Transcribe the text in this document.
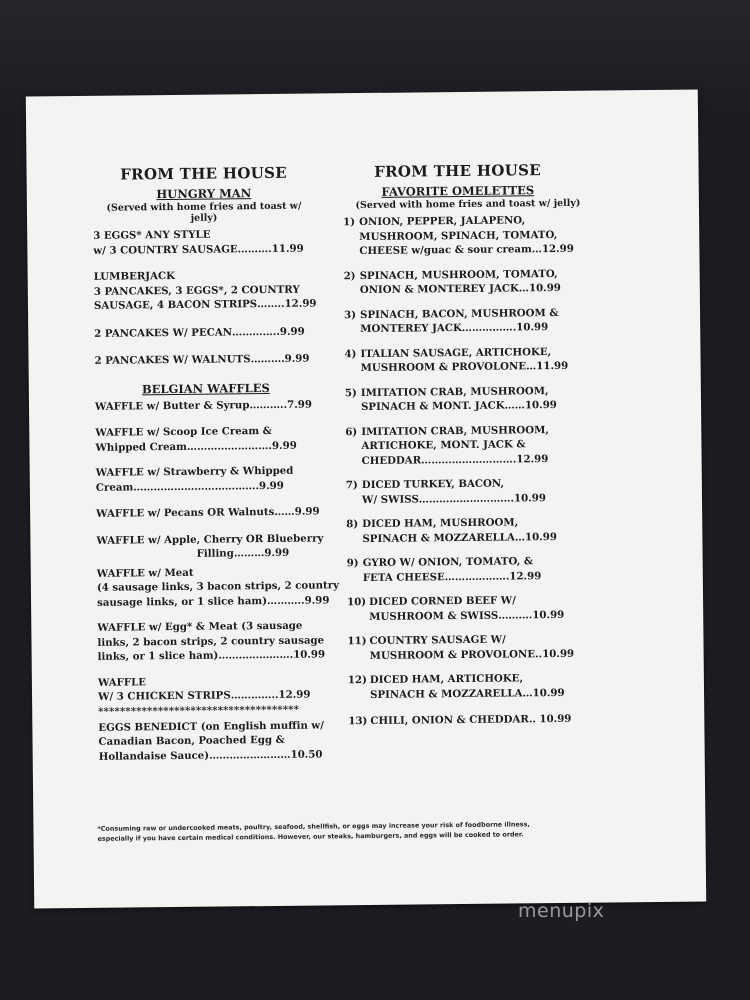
FROM THE HOUSE

HUNGRY MAN

(Served with home fries and toast w/ jelly)

3 EGGS* ANY STYLE
w/ 3 COUNTRY SAUSAGE……….11.99
LUMBERJACK
3 PANCAKES, 3 EGGS*, 2 COUNTRY
SAUSAGE, 4 BACON STRIPS……..12.99
2 PANCAKES W/ PECAN…………..9.99
2 PANCAKES W/ WALNUTS……….9.99

BELGIAN WAFFLES

WAFFLE w/ Butter & Syrup………..7.99
WAFFLE w/ Scoop Ice Cream &
Whipped Cream…………………….9.99
WAFFLE w/ Strawberry & Whipped
Cream……………………………….9.99
WAFFLE w/ Pecans OR Walnuts……9.99
WAFFLE w/ Apple, Cherry OR Blueberry
Filling………9.99
WAFFLE w/ Meat
(4 sausage links, 3 bacon strips, 2 country
sausage links, or 1 slice ham)………..9.99
WAFFLE w/ Egg* & Meat (3 sausage
links, 2 bacon strips, 2 country sausage
links, or 1 slice ham)………………….10.99
WAFFLE
W/ 3 CHICKEN STRIPS…………..12.99

*************************************

EGGS BENEDICT (on English muffin w/
Canadian Bacon, Poached Egg &
Hollandaise Sauce)……………………10.50

FROM THE HOUSE

FAVORITE OMELETTES

(Served with home fries and toast w/ jelly)

1) ONION, PEPPER, JALAPENO,
MUSHROOM, SPINACH, TOMATO,
CHEESE w/guac & sour cream…12.99
2) SPINACH, MUSHROOM, TOMATO,
ONION & MONTEREY JACK…10.99
3) SPINACH, BACON, MUSHROOM &
MONTEREY JACK…………….10.99
4) ITALIAN SAUSAGE, ARTICHOKE,
MUSHROOM & PROVOLONE…11.99
5) IMITATION CRAB, MUSHROOM,
SPINACH & MONT. JACK……10.99
6) IMITATION CRAB, MUSHROOM,
ARTICHOKE, MONT. JACK &
CHEDDAR……………………….12.99
7) DICED TURKEY, BACON,
W/ SWISS……………………….10.99
8) DICED HAM, MUSHROOM,
SPINACH & MOZZARELLA…10.99
9) GYRO W/ ONION, TOMATO, &
FETA CHEESE……………….12.99
10) DICED CORNED BEEF W/
MUSHROOM & SWISS……….10.99
11) COUNTRY SAUSAGE W/
MUSHROOM & PROVOLONE..10.99
12) DICED HAM, ARTICHOKE,
SPINACH & MOZZARELLA…10.99
13) CHILI, ONION & CHEDDAR.. 10.99
*Consuming raw or undercooked meats, poultry, seafood, shellfish, or eggs may increase your risk of foodborne illness,
especially if you have certain medical conditions. However, our steaks, hamburgers, and eggs will be cooked to order.
menupix
